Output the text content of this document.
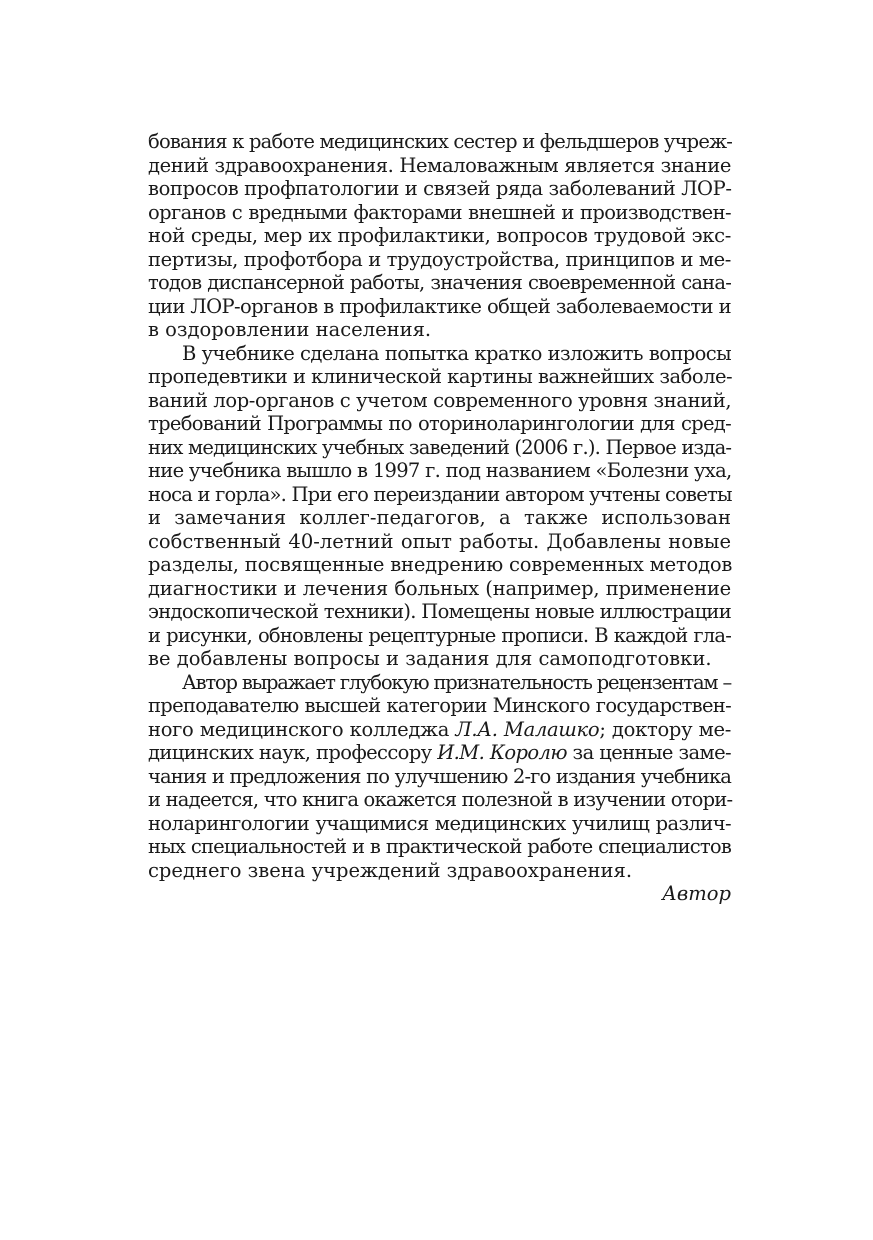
бования к работе медицинских сестер и фельдшеров учреж-
дений здравоохранения. Немаловажным является знание
вопросов профпатологии и связей ряда заболеваний ЛОР-
органов с вредными факторами внешней и производствен-
ной среды, мер их профилактики, вопросов трудовой экс-
пертизы, профотбора и трудоустройства, принципов и ме-
тодов диспансерной работы, значения своевременной сана-
ции ЛОР-органов в профилактике общей заболеваемости и
в оздоровлении населения.
В учебнике сделана попытка кратко изложить вопросы
пропедевтики и клинической картины важнейших заболе-
ваний лор-органов с учетом современного уровня знаний,
требований Программы по оториноларингологии для сред-
них медицинских учебных заведений (2006 г.). Первое изда-
ние учебника вышло в 1997 г. под названием «Болезни уха,
носа и горла». При его переиздании автором учтены советы
и замечания коллег-педагогов, а также использован
собственный 40-летний опыт работы. Добавлены новые
разделы, посвященные внедрению современных методов
диагностики и лечения больных (например, применение
эндоскопической техники). Помещены новые иллюстрации
и рисунки, обновлены рецептурные прописи. В каждой гла-
ве добавлены вопросы и задания для самоподготовки.
Автор выражает глубокую признательность рецензентам –
преподавателю высшей категории Минского государствен-
ного медицинского колледжа Л.А. Малашко; доктору ме-
дицинских наук, профессору И.М. Королю за ценные заме-
чания и предложения по улучшению 2-го издания учебника
и надеется, что книга окажется полезной в изучении отори-
ноларингологии учащимися медицинских училищ различ-
ных специальностей и в практической работе специалистов
среднего звена учреждений здравоохранения.
Автор
